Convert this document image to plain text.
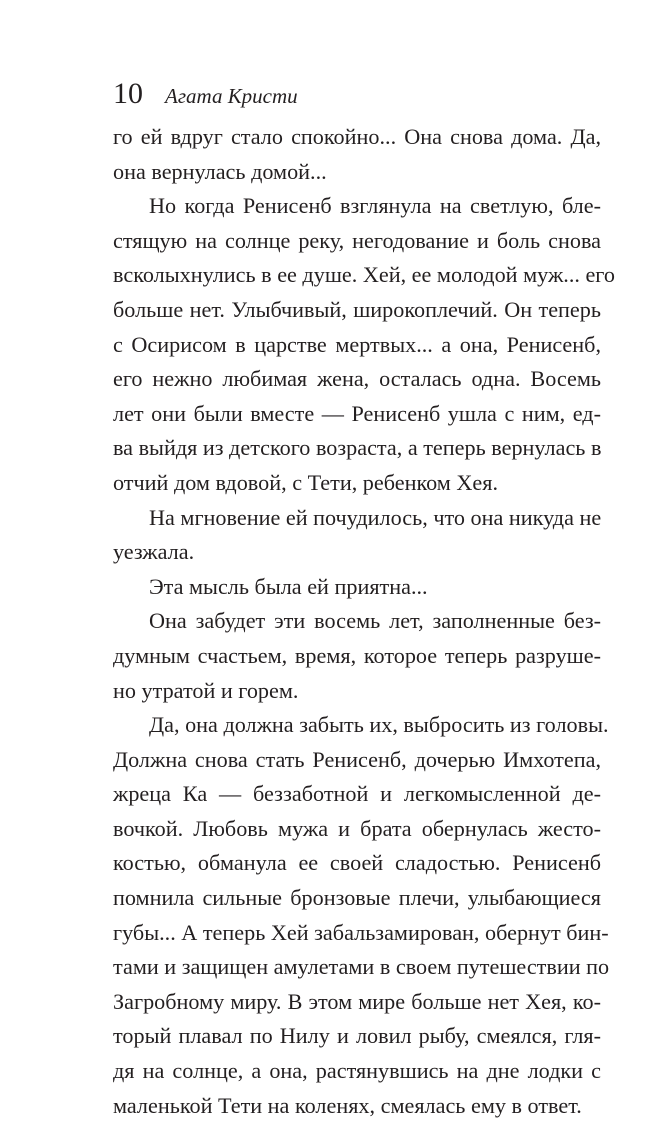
10 Агата Кристи
го ей вдруг стало спокойно... Она снова дома. Да,
она вернулась домой...
Но когда Ренисенб взглянула на светлую, бле-
стящую на солнце реку, негодование и боль снова
всколыхнулись в ее душе. Хей, ее молодой муж... его
больше нет. Улыбчивый, широкоплечий. Он теперь
с Осирисом в царстве мертвых... а она, Ренисенб,
его нежно любимая жена, осталась одна. Восемь
лет они были вместе — Ренисенб ушла с ним, ед-
ва выйдя из детского возраста, а теперь вернулась в
отчий дом вдовой, с Тети, ребенком Хея.
На мгновение ей почудилось, что она никуда не
уезжала.
Эта мысль была ей приятна...
Она забудет эти восемь лет, заполненные без-
думным счастьем, время, которое теперь разруше-
но утратой и горем.
Да, она должна забыть их, выбросить из головы.
Должна снова стать Ренисенб, дочерью Имхотепа,
жреца Ка — беззаботной и легкомысленной де-
вочкой. Любовь мужа и брата обернулась жесто-
костью, обманула ее своей сладостью. Ренисенб
помнила сильные бронзовые плечи, улыбающиеся
губы... А теперь Хей забальзамирован, обернут бин-
тами и защищен амулетами в своем путешествии по
Загробному миру. В этом мире больше нет Хея, ко-
торый плавал по Нилу и ловил рыбу, смеялся, гля-
дя на солнце, а она, растянувшись на дне лодки с
маленькой Тети на коленях, смеялась ему в ответ.
